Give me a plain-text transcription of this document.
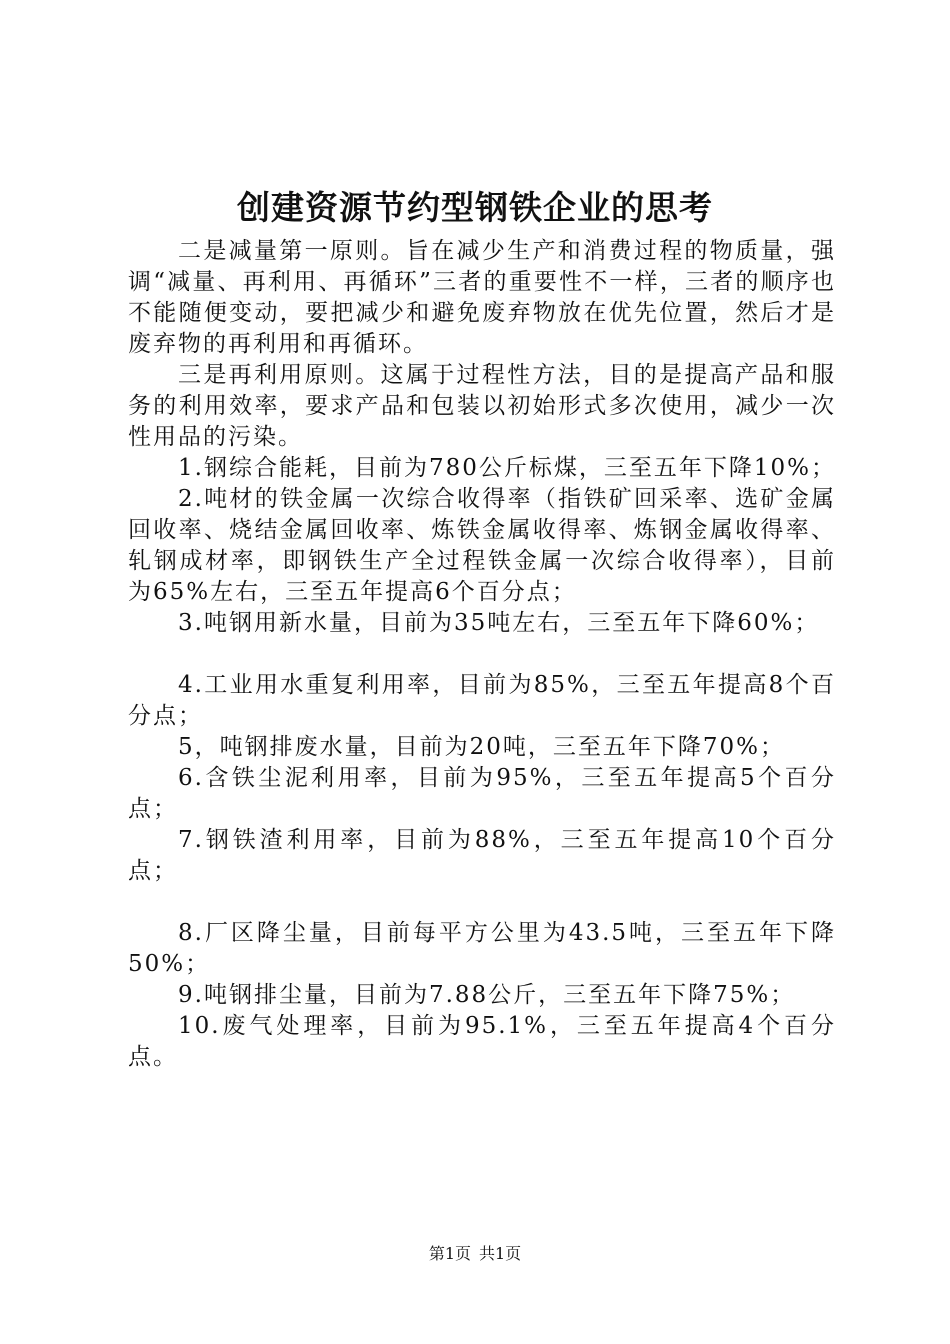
创建资源节约型钢铁企业的思考

二是减量第一原则。旨在减少生产和消费过程的物质量，强调“减量、再利用、再循环”三者的重要性不一样，三者的顺序也不能随便变动，要把减少和避免废弃物放在优先位置，然后才是废弃物的再利用和再循环。

三是再利用原则。这属于过程性方法，目的是提高产品和服务的利用效率，要求产品和包装以初始形式多次使用，减少一次性用品的污染。

1.钢综合能耗，目前为780公斤标煤，三至五年下降10%；

2.吨材的铁金属一次综合收得率（指铁矿回采率、选矿金属回收率、烧结金属回收率、炼铁金属收得率、炼钢金属收得率、轧钢成材率，即钢铁生产全过程铁金属一次综合收得率），目前为65%左右，三至五年提高6个百分点；

3.吨钢用新水量，目前为35吨左右，三至五年下降60%；

4.工业用水重复利用率，目前为85%，三至五年提高8个百分点；

5，吨钢排废水量，目前为20吨，三至五年下降70%；

6.含铁尘泥利用率，目前为95%，三至五年提高5个百分点；

7.钢铁渣利用率，目前为88%，三至五年提高10个百分点；

8.厂区降尘量，目前每平方公里为43.5吨，三至五年下降50%；

9.吨钢排尘量，目前为7.88公斤，三至五年下降75%；

10.废气处理率，目前为95.1%，三至五年提高4个百分点。

第1页 共1页
